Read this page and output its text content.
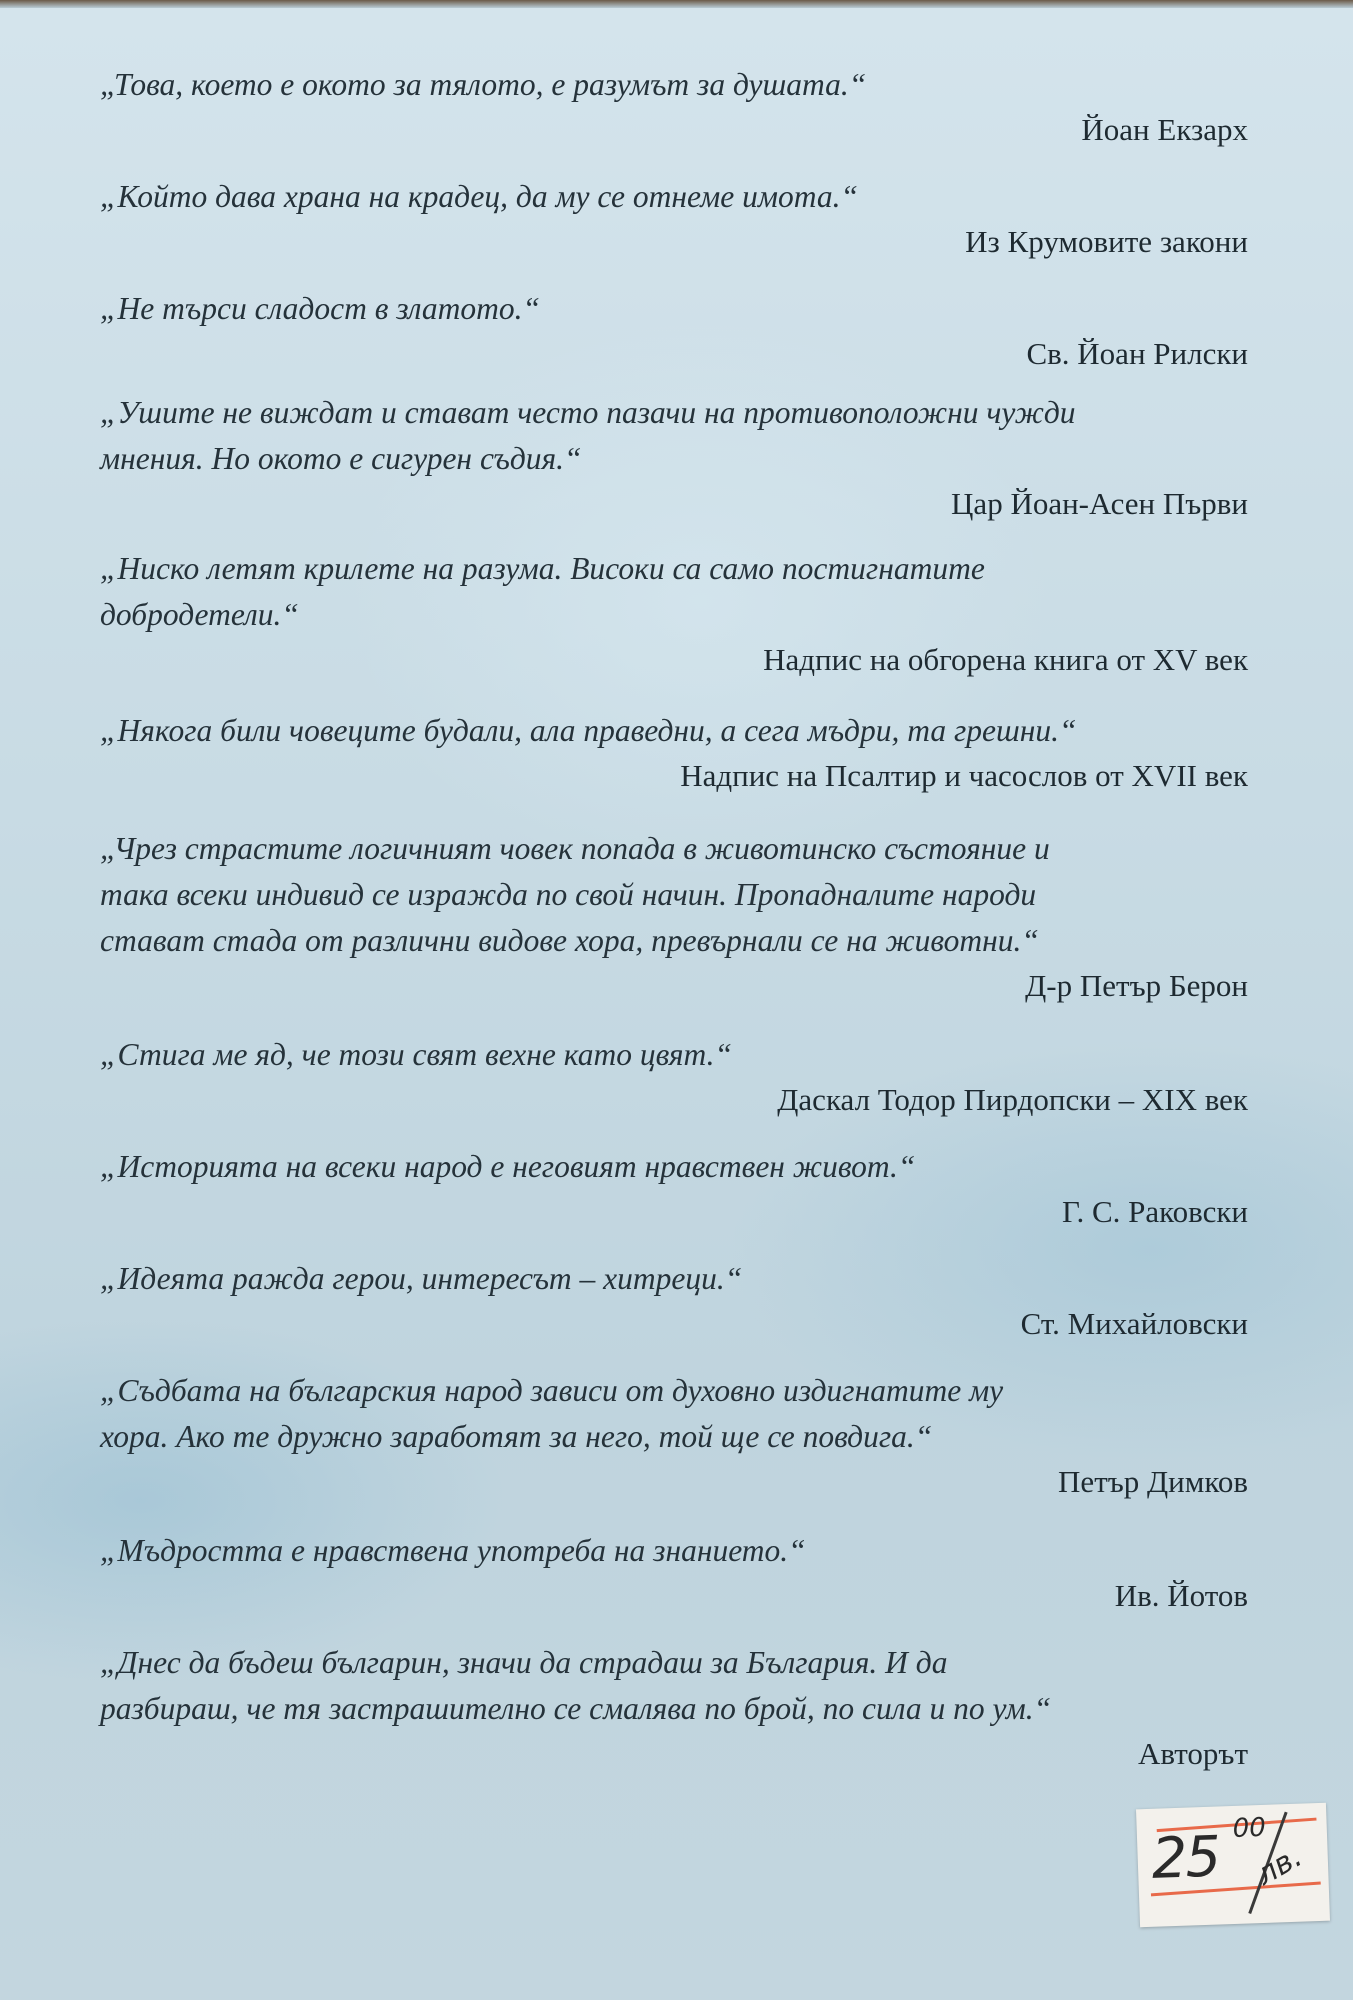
„Това, което е окото за тялото, е разумът за душата.“

Йоан Екзарх

„Който дава храна на крадец, да му се отнеме имота.“

Из Крумовите закони

„Не търси сладост в златото.“

Св. Йоан Рилски

„Ушите не виждат и стават често пазачи на противоположни чужди
мнения. Но окото е сигурен съдия.“

Цар Йоан-Асен Първи

„Ниско летят крилете на разума. Високи са само постигнатите
добродетели.“

Надпис на обгорена книга от XV век

„Някога били човеците будали, ала праведни, а сега мъдри, та грешни.“

Надпис на Псалтир и часослов от XVII век

„Чрез страстите логичният човек попада в животинско състояние и
така всеки индивид се изражда по свой начин. Пропадналите народи
стават стада от различни видове хора, превърнали се на животни.“

Д-р Петър Берон

„Стига ме яд, че този свят вехне като цвят.“

Даскал Тодор Пирдопски – XIX век

„Историята на всеки народ е неговият нравствен живот.“

Г. С. Раковски

„Идеята ражда герои, интересът – хитреци.“

Ст. Михайловски

„Съдбата на българския народ зависи от духовно издигнатите му
хора. Ако те дружно заработят за него, той ще се повдига.“

Петър Димков

„Мъдростта е нравствена употреба на знанието.“

Ив. Йотов

„Днес да бъдеш българин, значи да страдаш за България. И да
разбираш, че тя застрашително се смалява по брой, по сила и по ум.“

Авторът

25 00
лв.
